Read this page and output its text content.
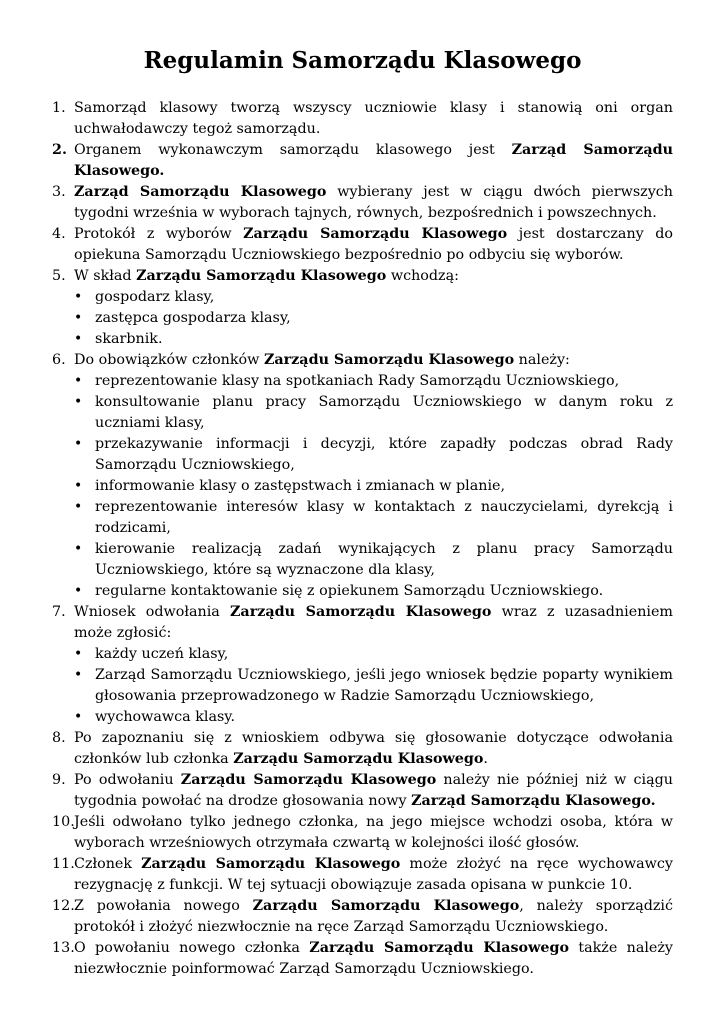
Regulamin Samorządu Klasowego
1. Samorząd klasowy tworzą wszyscy uczniowie klasy i stanowią oni organ uchwałodawczy tegoż samorządu.
2. Organem wykonawczym samorządu klasowego jest Zarząd Samorządu Klasowego.
3. Zarząd Samorządu Klasowego wybierany jest w ciągu dwóch pierwszych tygodni września w wyborach tajnych, równych, bezpośrednich i powszechnych.
4. Protokół z wyborów Zarządu Samorządu Klasowego jest dostarczany do opiekuna Samorządu Uczniowskiego bezpośrednio po odbyciu się wyborów.
5. W skład Zarządu Samorządu Klasowego wchodzą:
•
gospodarz klasy,
•
zastępca gospodarza klasy,
•
skarbnik.
6. Do obowiązków członków Zarządu Samorządu Klasowego należy:
•
reprezentowanie klasy na spotkaniach Rady Samorządu Uczniowskiego,
•
konsultowanie planu pracy Samorządu Uczniowskiego w danym roku z uczniami klasy,
•
przekazywanie informacji i decyzji, które zapadły podczas obrad Rady Samorządu Uczniowskiego,
•
informowanie klasy o zastępstwach i zmianach w planie,
•
reprezentowanie interesów klasy w kontaktach z nauczycielami, dyrekcją i rodzicami,
•
kierowanie realizacją zadań wynikających z planu pracy Samorządu Uczniowskiego, które są wyznaczone dla klasy,
•
regularne kontaktowanie się z opiekunem Samorządu Uczniowskiego.
7. Wniosek odwołania Zarządu Samorządu Klasowego wraz z uzasadnieniem może zgłosić:
•
każdy uczeń klasy,
•
Zarząd Samorządu Uczniowskiego, jeśli jego wniosek będzie poparty wynikiem głosowania przeprowadzonego w Radzie Samorządu Uczniowskiego,
•
wychowawca klasy.
8. Po zapoznaniu się z wnioskiem odbywa się głosowanie dotyczące odwołania członków lub członka Zarządu Samorządu Klasowego.
9. Po odwołaniu Zarządu Samorządu Klasowego należy nie później niż w ciągu tygodnia powołać na drodze głosowania nowy Zarząd Samorządu Klasowego.
10. Jeśli odwołano tylko jednego członka, na jego miejsce wchodzi osoba, która w wyborach wrześniowych otrzymała czwartą w kolejności ilość głosów.
11. Członek Zarządu Samorządu Klasowego może złożyć na ręce wychowawcy rezygnację z funkcji. W tej sytuacji obowiązuje zasada opisana w punkcie 10.
12. Z powołania nowego Zarządu Samorządu Klasowego, należy sporządzić protokół i złożyć niezwłocznie na ręce Zarząd Samorządu Uczniowskiego.
13. O powołaniu nowego członka Zarządu Samorządu Klasowego także należy niezwłocznie poinformować Zarząd Samorządu Uczniowskiego.
